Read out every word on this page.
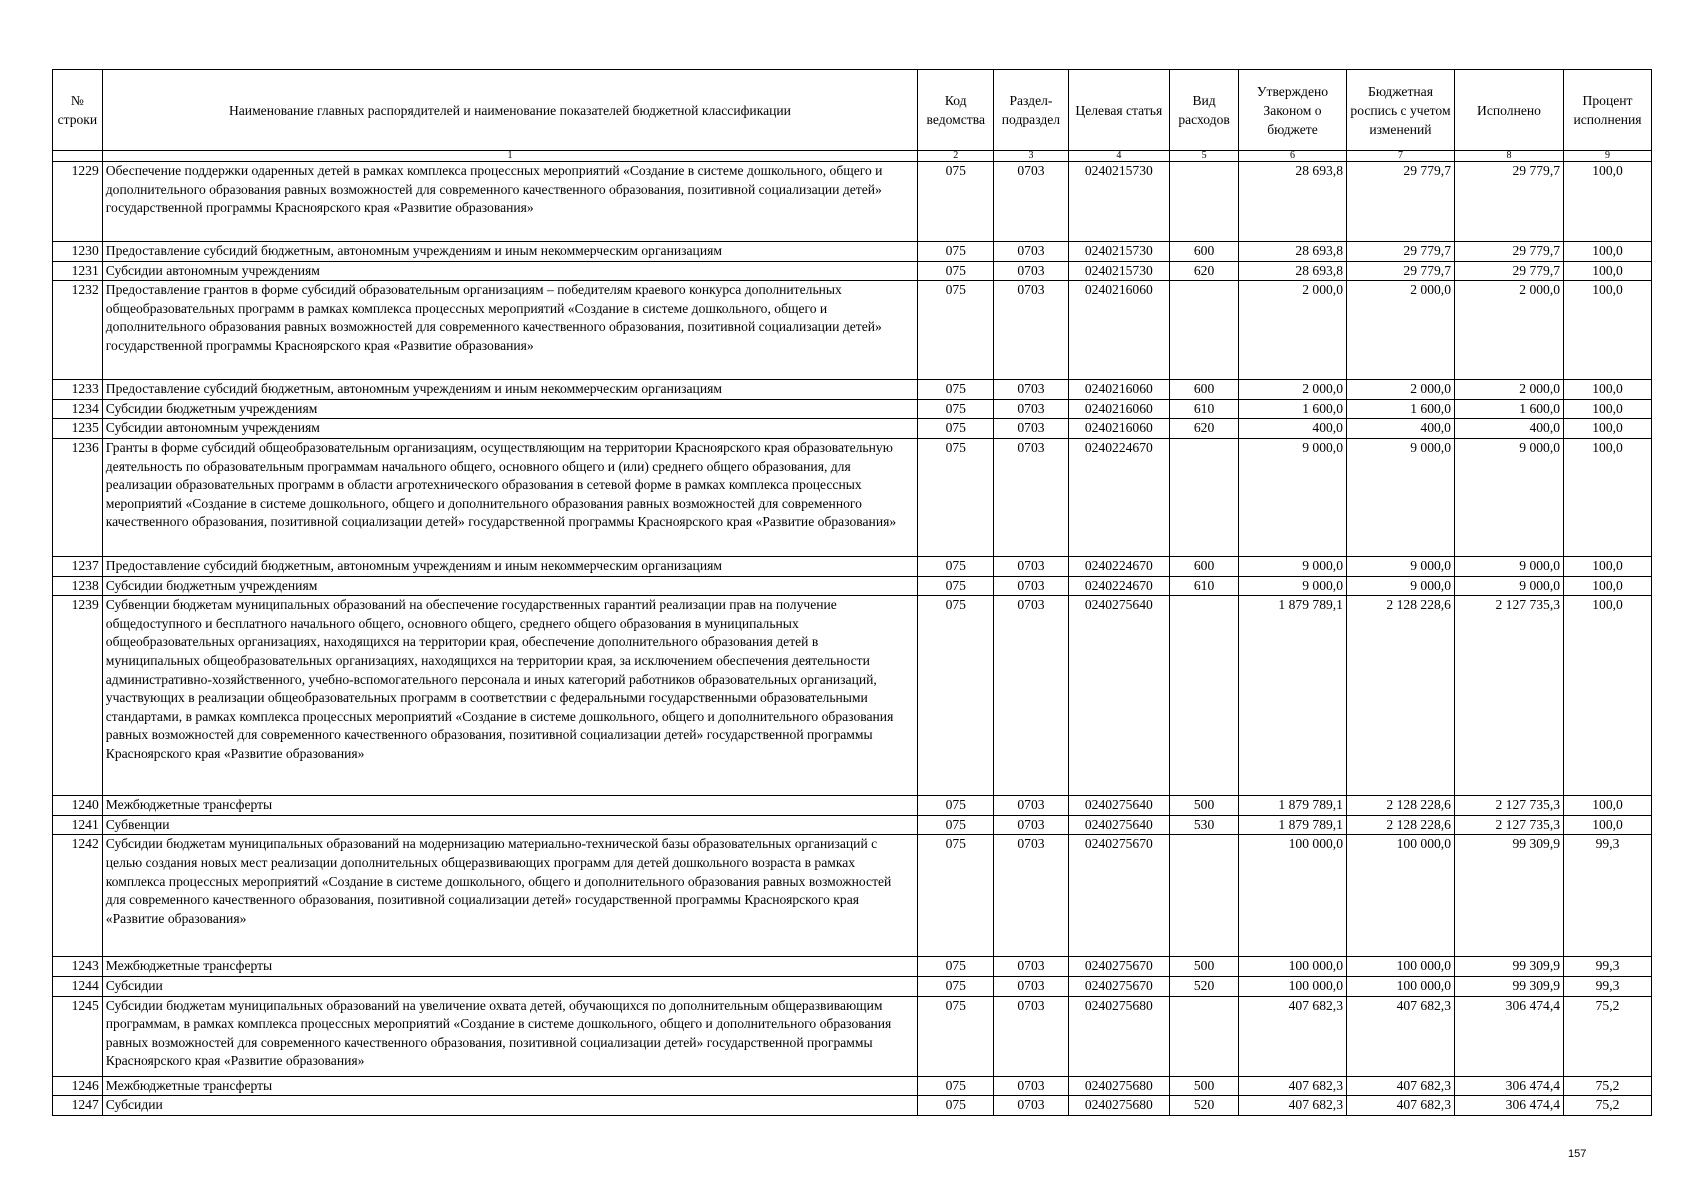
№ строки	Наименование главных распорядителей и наименование показателей бюджетной классификации	Код ведомства	Раздел-подраздел	Целевая статья	Вид расходов	Утверждено Законом о бюджете	Бюджетная роспись с учетом изменений	Исполнено	Процент исполнения
	1	2	3	4	5	6	7	8	9
1229	Обеспечение поддержки одаренных детей в рамках комплекса процессных мероприятий «Создание в системе дошкольного, общего и дополнительного образования равных возможностей для современного качественного образования, позитивной социализации детей» государственной программы Красноярского края «Развитие образования»	075	0703	0240215730		28 693,8	29 779,7	29 779,7	100,0
1230	Предоставление субсидий бюджетным, автономным учреждениям и иным некоммерческим организациям	075	0703	0240215730	600	28 693,8	29 779,7	29 779,7	100,0
1231	Субсидии автономным учреждениям	075	0703	0240215730	620	28 693,8	29 779,7	29 779,7	100,0
1232	Предоставление грантов в форме субсидий образовательным организациям – победителям краевого конкурса дополнительных общеобразовательных программ в рамках комплекса процессных мероприятий «Создание в системе дошкольного, общего и дополнительного образования равных возможностей для современного качественного образования, позитивной социализации детей» государственной программы Красноярского края «Развитие образования»	075	0703	0240216060		2 000,0	2 000,0	2 000,0	100,0
1233	Предоставление субсидий бюджетным, автономным учреждениям и иным некоммерческим организациям	075	0703	0240216060	600	2 000,0	2 000,0	2 000,0	100,0
1234	Субсидии бюджетным учреждениям	075	0703	0240216060	610	1 600,0	1 600,0	1 600,0	100,0
1235	Субсидии автономным учреждениям	075	0703	0240216060	620	400,0	400,0	400,0	100,0
1236	Гранты в форме субсидий общеобразовательным организациям, осуществляющим на территории Красноярского края образовательную деятельность по образовательным программам начального общего, основного общего и (или) среднего общего образования, для реализации образовательных программ в области агротехнического образования в сетевой форме в рамках комплекса процессных мероприятий «Создание в системе дошкольного, общего и дополнительного образования равных возможностей для современного качественного образования, позитивной социализации детей» государственной программы Красноярского края «Развитие образования»	075	0703	0240224670		9 000,0	9 000,0	9 000,0	100,0
1237	Предоставление субсидий бюджетным, автономным учреждениям и иным некоммерческим организациям	075	0703	0240224670	600	9 000,0	9 000,0	9 000,0	100,0
1238	Субсидии бюджетным учреждениям	075	0703	0240224670	610	9 000,0	9 000,0	9 000,0	100,0
1239	Субвенции бюджетам муниципальных образований на обеспечение государственных гарантий реализации прав на получение общедоступного и бесплатного начального общего, основного общего, среднего общего образования в муниципальных общеобразовательных организациях, находящихся на территории края, обеспечение дополнительного образования детей в муниципальных общеобразовательных организациях, находящихся на территории края, за исключением обеспечения деятельности административно-хозяйственного, учебно-вспомогательного персонала и иных категорий работников образовательных организаций, участвующих в реализации общеобразовательных программ в соответствии с федеральными государственными образовательными стандартами, в рамках комплекса процессных мероприятий «Создание в системе дошкольного, общего и дополнительного образования равных возможностей для современного качественного образования, позитивной социализации детей» государственной программы Красноярского края «Развитие образования»	075	0703	0240275640		1 879 789,1	2 128 228,6	2 127 735,3	100,0
1240	Межбюджетные трансферты	075	0703	0240275640	500	1 879 789,1	2 128 228,6	2 127 735,3	100,0
1241	Субвенции	075	0703	0240275640	530	1 879 789,1	2 128 228,6	2 127 735,3	100,0
1242	Субсидии бюджетам муниципальных образований на модернизацию материально-технической базы образовательных организаций с целью создания новых мест реализации дополнительных общеразвивающих программ для детей дошкольного возраста в рамках комплекса процессных мероприятий «Создание в системе дошкольного, общего и дополнительного образования равных возможностей для современного качественного образования, позитивной социализации детей» государственной программы Красноярского края «Развитие образования»	075	0703	0240275670		100 000,0	100 000,0	99 309,9	99,3
1243	Межбюджетные трансферты	075	0703	0240275670	500	100 000,0	100 000,0	99 309,9	99,3
1244	Субсидии	075	0703	0240275670	520	100 000,0	100 000,0	99 309,9	99,3
1245	Субсидии бюджетам муниципальных образований на увеличение охвата детей, обучающихся по дополнительным общеразвивающим программам, в рамках комплекса процессных мероприятий «Создание в системе дошкольного, общего и дополнительного образования равных возможностей для современного качественного образования, позитивной социализации детей» государственной программы Красноярского края «Развитие образования»	075	0703	0240275680		407 682,3	407 682,3	306 474,4	75,2
1246	Межбюджетные трансферты	075	0703	0240275680	500	407 682,3	407 682,3	306 474,4	75,2
1247	Субсидии	075	0703	0240275680	520	407 682,3	407 682,3	306 474,4	75,2
157
